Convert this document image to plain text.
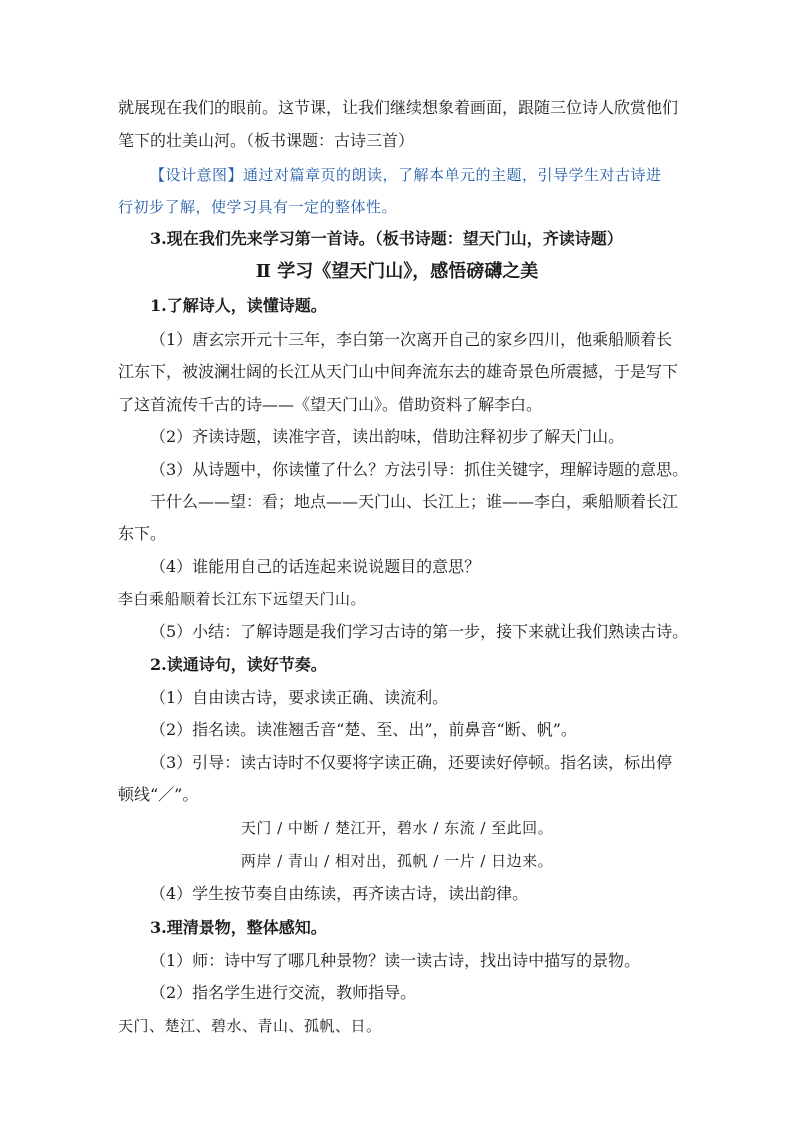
就展现在我们的眼前。这节课，让我们继续想象着画面，跟随三位诗人欣赏他们
笔下的壮美山河。（板书课题：古诗三首）
【设计意图】通过对篇章页的朗读，了解本单元的主题，引导学生对古诗进
行初步了解，使学习具有一定的整体性。
3.现在我们先来学习第一首诗。（板书诗题：望天门山，齐读诗题）
Ⅱ 学习《望天门山》，感悟磅礴之美
1.了解诗人，读懂诗题。
（1）唐玄宗开元十三年，李白第一次离开自己的家乡四川，他乘船顺着长
江东下，被波澜壮阔的长江从天门山中间奔流东去的雄奇景色所震撼，于是写下
了这首流传千古的诗——《望天门山》。借助资料了解李白。
（2）齐读诗题，读准字音，读出韵味，借助注释初步了解天门山。
（3）从诗题中，你读懂了什么？方法引导：抓住关键字，理解诗题的意思。
干什么——望：看；地点——天门山、长江上；谁——李白，乘船顺着长江
东下。
（4）谁能用自己的话连起来说说题目的意思？
李白乘船顺着长江东下远望天门山。
（5）小结：了解诗题是我们学习古诗的第一步，接下来就让我们熟读古诗。
2.读通诗句，读好节奏。
（1）自由读古诗，要求读正确、读流利。
（2）指名读。读准翘舌音“楚、至、出”，前鼻音“断、帆”。
（3）引导：读古诗时不仅要将字读正确，还要读好停顿。指名读，标出停
顿线“／”。
天门 / 中断 / 楚江开，碧水 / 东流 / 至此回。
两岸 / 青山 / 相对出，孤帆 / 一片 / 日边来。
（4）学生按节奏自由练读，再齐读古诗，读出韵律。
3.理清景物，整体感知。
（1）师：诗中写了哪几种景物？读一读古诗，找出诗中描写的景物。
（2）指名学生进行交流，教师指导。
天门、楚江、碧水、青山、孤帆、日。
